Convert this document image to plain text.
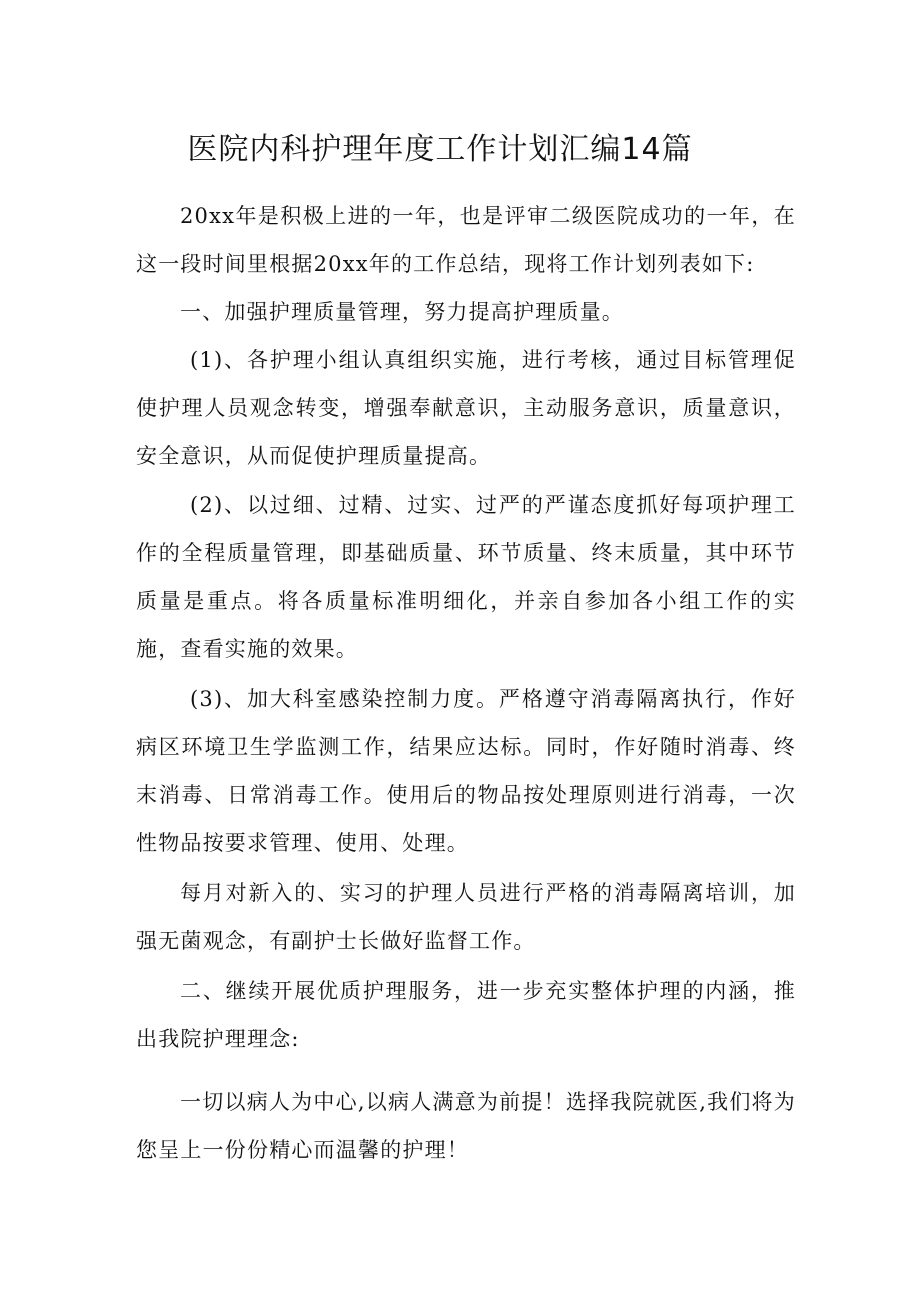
医院内科护理年度工作计划汇编14篇

20xx年是积极上进的一年，也是评审二级医院成功的一年，在这一段时间里根据20xx年的工作总结，现将工作计划列表如下:

一、加强护理质量管理，努力提高护理质量。

(1)、各护理小组认真组织实施，进行考核，通过目标管理促使护理人员观念转变，增强奉献意识，主动服务意识，质量意识，安全意识，从而促使护理质量提高。

(2)、以过细、过精、过实、过严的严谨态度抓好每项护理工作的全程质量管理，即基础质量、环节质量、终末质量，其中环节质量是重点。将各质量标准明细化，并亲自参加各小组工作的实施，查看实施的效果。

(3)、加大科室感染控制力度。严格遵守消毒隔离执行，作好病区环境卫生学监测工作，结果应达标。同时，作好随时消毒、终末消毒、日常消毒工作。使用后的物品按处理原则进行消毒，一次性物品按要求管理、使用、处理。

每月对新入的、实习的护理人员进行严格的消毒隔离培训，加强无菌观念，有副护士长做好监督工作。

二、继续开展优质护理服务，进一步充实整体护理的内涵，推出我院护理理念:

一切以病人为中心,以病人满意为前提！选择我院就医,我们将为您呈上一份份精心而温馨的护理！
